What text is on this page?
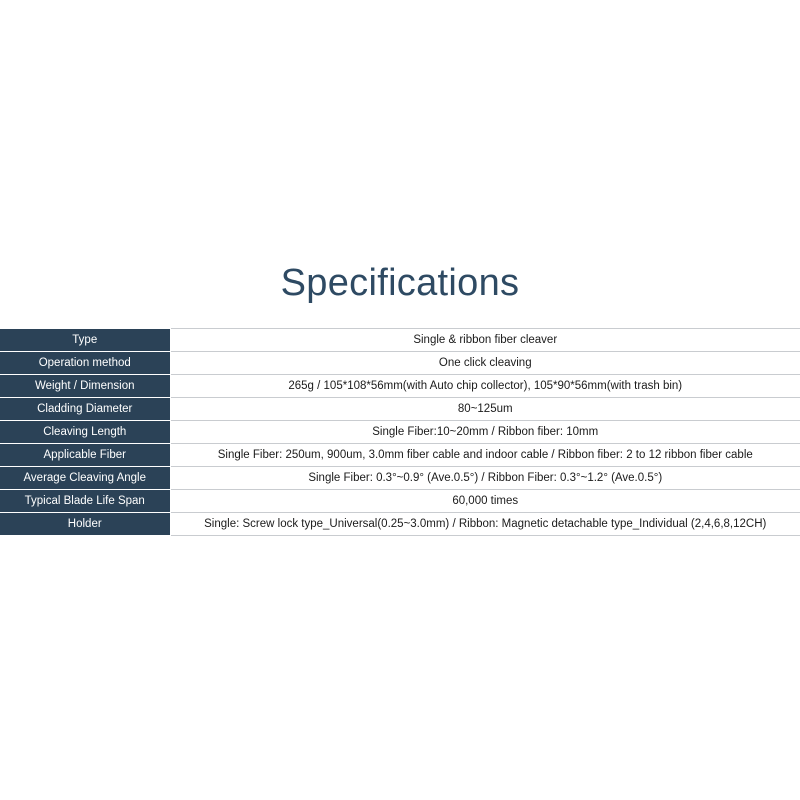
Specifications
Type	Single & ribbon fiber cleaver
Operation method	One click cleaving
Weight / Dimension	265g / 105*108*56mm(with Auto chip collector), 105*90*56mm(with trash bin)
Cladding Diameter	80~125um
Cleaving Length	Single Fiber:10~20mm / Ribbon fiber: 10mm
Applicable Fiber	Single Fiber: 250um, 900um, 3.0mm fiber cable and indoor cable / Ribbon fiber: 2 to 12 ribbon fiber cable
Average Cleaving Angle	Single Fiber: 0.3°~0.9° (Ave.0.5°) / Ribbon Fiber: 0.3°~1.2° (Ave.0.5°)
Typical Blade Life Span	60,000 times
Holder	Single: Screw lock type_Universal(0.25~3.0mm) / Ribbon: Magnetic detachable type_Individual (2,4,6,8,12CH)
